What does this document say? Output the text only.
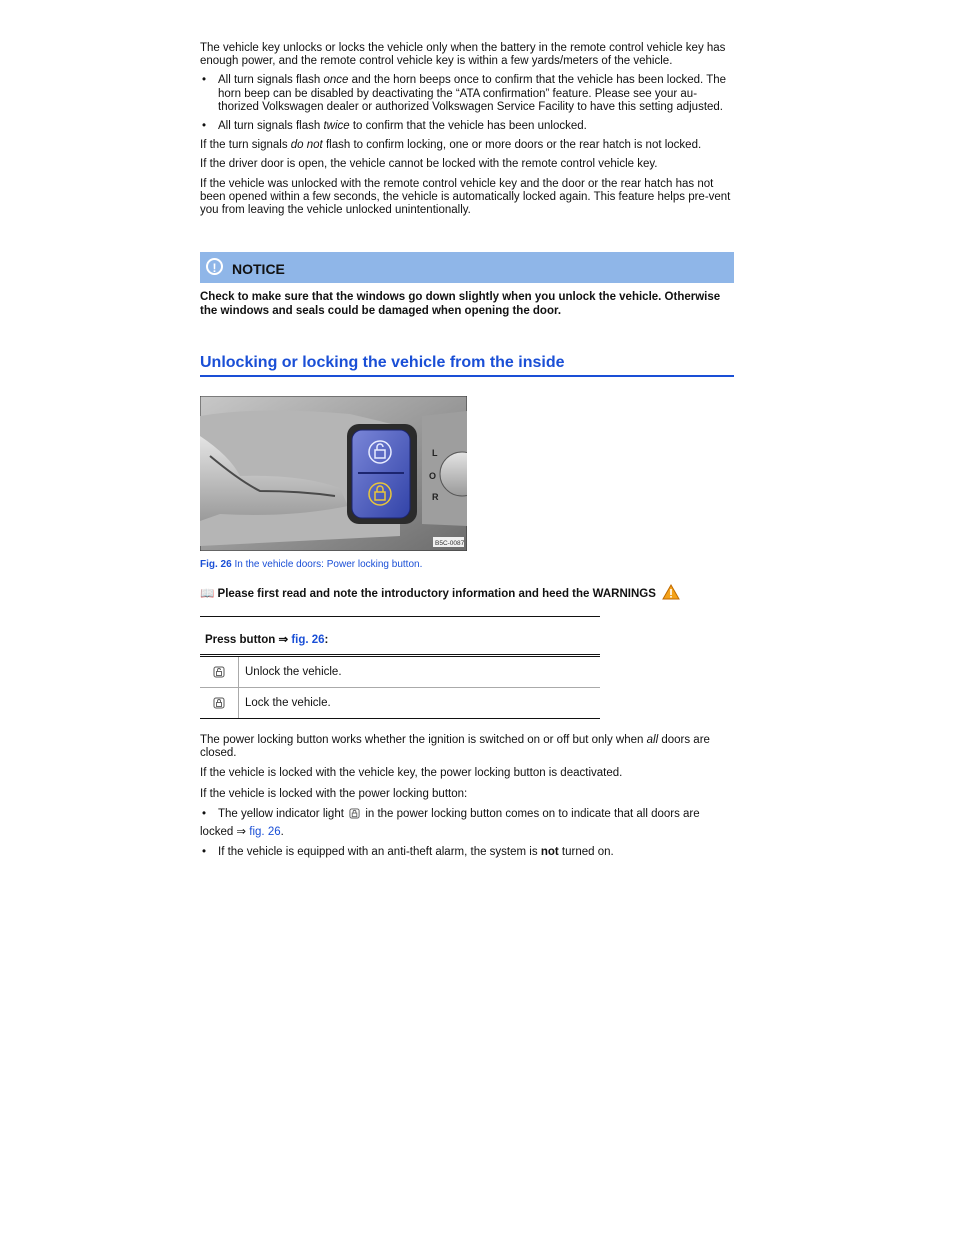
The vehicle key unlocks or locks the vehicle only when the battery in the remote control vehicle key has enough power, and the remote control vehicle key is within a few yards/meters of the vehicle.

• All turn signals flash once and the horn beeps once to confirm that the vehicle has been locked. The horn beep can be disabled by deactivating the “ATA confirmation” feature. Please see your au-thorized Volkswagen dealer or authorized Volkswagen Service Facility to have this setting adjusted.
• All turn signals flash twice to confirm that the vehicle has been unlocked.

If the turn signals do not flash to confirm locking, one or more doors or the rear hatch is not locked.

If the driver door is open, the vehicle cannot be locked with the remote control vehicle key.

If the vehicle was unlocked with the remote control vehicle key and the door or the rear hatch has not been opened within a few seconds, the vehicle is automatically locked again. This feature helps pre-vent you from leaving the vehicle unlocked unintentionally.

!	NOTICE
Check to make sure that the windows go down slightly when you unlock the vehicle. Otherwise the windows and seals could be damaged when opening the door.
Unlocking or locking the vehicle from the inside
L
O
R
B5C-0087
Fig. 26 In the vehicle doors: Power locking button.
📖 Please first read and note the introductory information and heed the WARNINGS
Press button ⇒ fig. 26:
Unlock the vehicle.
Lock the vehicle.

The power locking button works whether the ignition is switched on or off but only when all doors are closed.

If the vehicle is locked with the vehicle key, the power locking button is deactivated.

If the vehicle is locked with the power locking button:

• The yellow indicator light  in the power locking button comes on to indicate that all doors are

locked ⇒ fig. 26.

• If the vehicle is equipped with an anti-theft alarm, the system is not turned on.
